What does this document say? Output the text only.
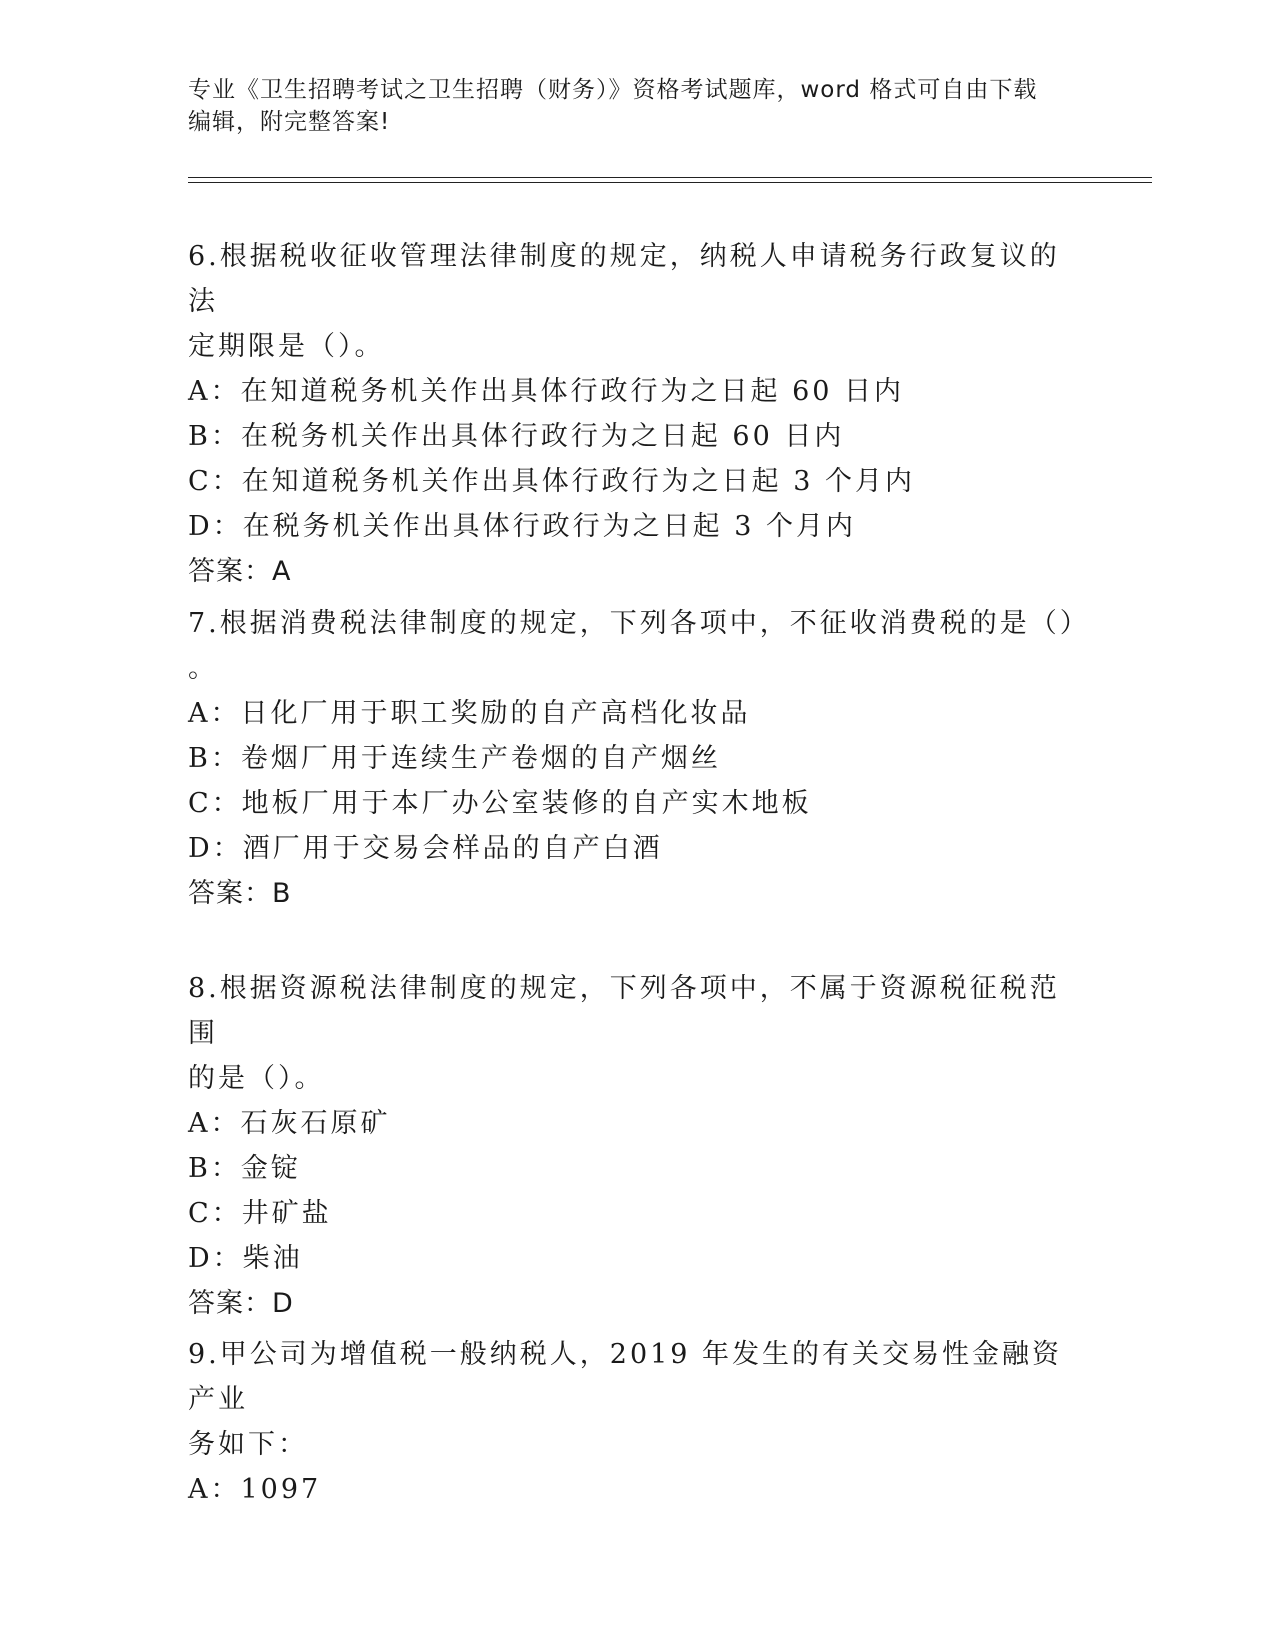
专业《卫生招聘考试之卫生招聘（财务）》资格考试题库，word 格式可自由下载
编辑，附完整答案!
6.根据税收征收管理法律制度的规定，纳税人申请税务行政复议的法
定期限是（）。
A：在知道税务机关作出具体行政行为之日起 60 日内
B：在税务机关作出具体行政行为之日起 60 日内
C：在知道税务机关作出具体行政行为之日起 3 个月内
D：在税务机关作出具体行政行为之日起 3 个月内
答案：A
7.根据消费税法律制度的规定，下列各项中，不征收消费税的是（）
。
A：日化厂用于职工奖励的自产高档化妆品
B：卷烟厂用于连续生产卷烟的自产烟丝
C：地板厂用于本厂办公室装修的自产实木地板
D：酒厂用于交易会样品的自产白酒
答案：B
8.根据资源税法律制度的规定，下列各项中，不属于资源税征税范围
的是（）。
A：石灰石原矿
B：金锭
C：井矿盐
D：柴油
答案：D
9.甲公司为增值税一般纳税人，2019 年发生的有关交易性金融资产业
务如下：
A：1097
